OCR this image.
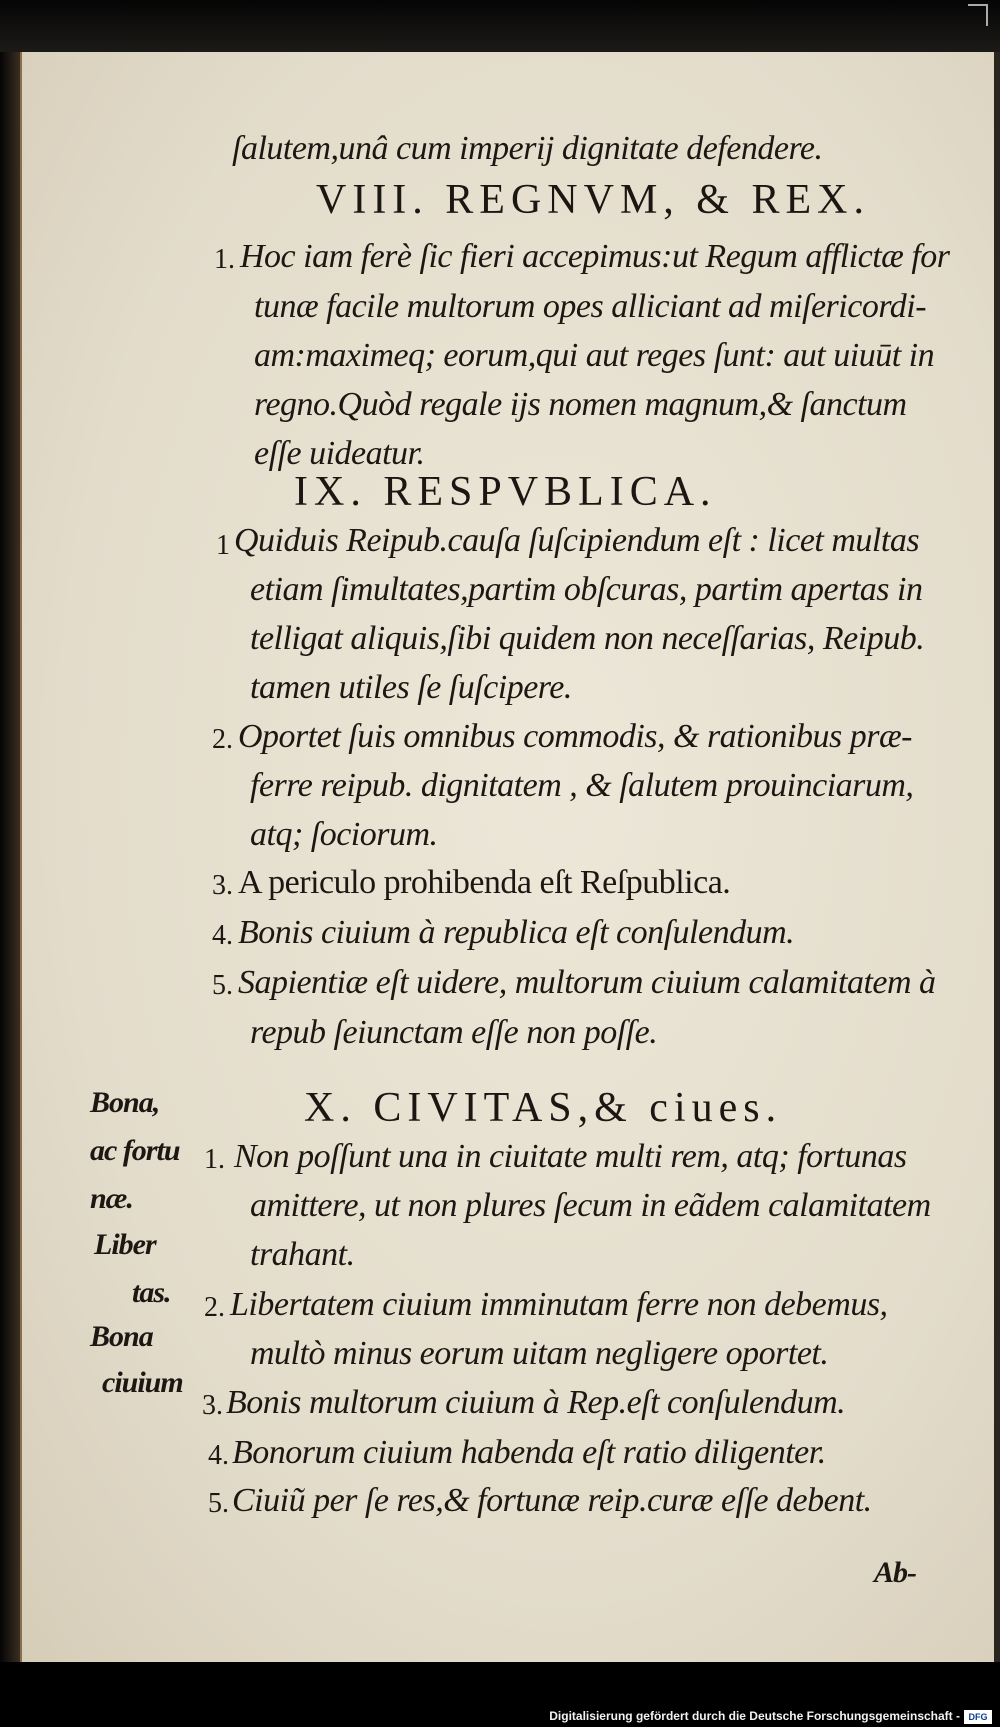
ſalutem,unâ cum imperij dignitate defendere.
VIII. REGNVM, & REX.
1. Hoc iam ferè ſic fieri accepimus:ut Regum afflictæ for
tunæ facile multorum opes alliciant ad miſericordi-
am:maximeq; eorum,qui aut reges ſunt: aut uiuūt in
regno.Quòd regale ijs nomen magnum,& ſanctum
eſſe uideatur.
IX. RESPVBLICA.
1 Quiduis Reipub.cauſa ſuſcipiendum eſt : licet multas
etiam ſimultates,partim obſcuras, partim apertas in
telligat aliquis,ſibi quidem non neceſſarias, Reipub.
tamen utiles ſe ſuſcipere.
2. Oportet ſuis omnibus commodis, & rationibus præ-
ferre reipub. dignitatem , & ſalutem prouinciarum,
atq; ſociorum.
3. A periculo prohibenda eſt Reſpublica.
4. Bonis ciuium à republica eſt conſulendum.
5. Sapientiæ eſt uidere, multorum ciuium calamitatem à
repub ſeiunctam eſſe non poſſe.
X. CIVITAS,& ciues.
1. Non poſſunt una in ciuitate multi rem, atq; fortunas
amittere, ut non plures ſecum in eãdem calamitatem
trahant.
2. Libertatem ciuium imminutam ferre non debemus,
multò minus eorum uitam negligere oportet.
3. Bonis multorum ciuium à Rep.eſt conſulendum.
4. Bonorum ciuium habenda eſt ratio diligenter.
5. Ciuiũ per ſe res,& fortunæ reip.curæ eſſe debent.
Bona,
ac fortu
næ.
Liber
tas.
Bona
ciuium
Ab-
Digitalisierung gefördert durch die Deutsche Forschungsgemeinschaft - DFG
